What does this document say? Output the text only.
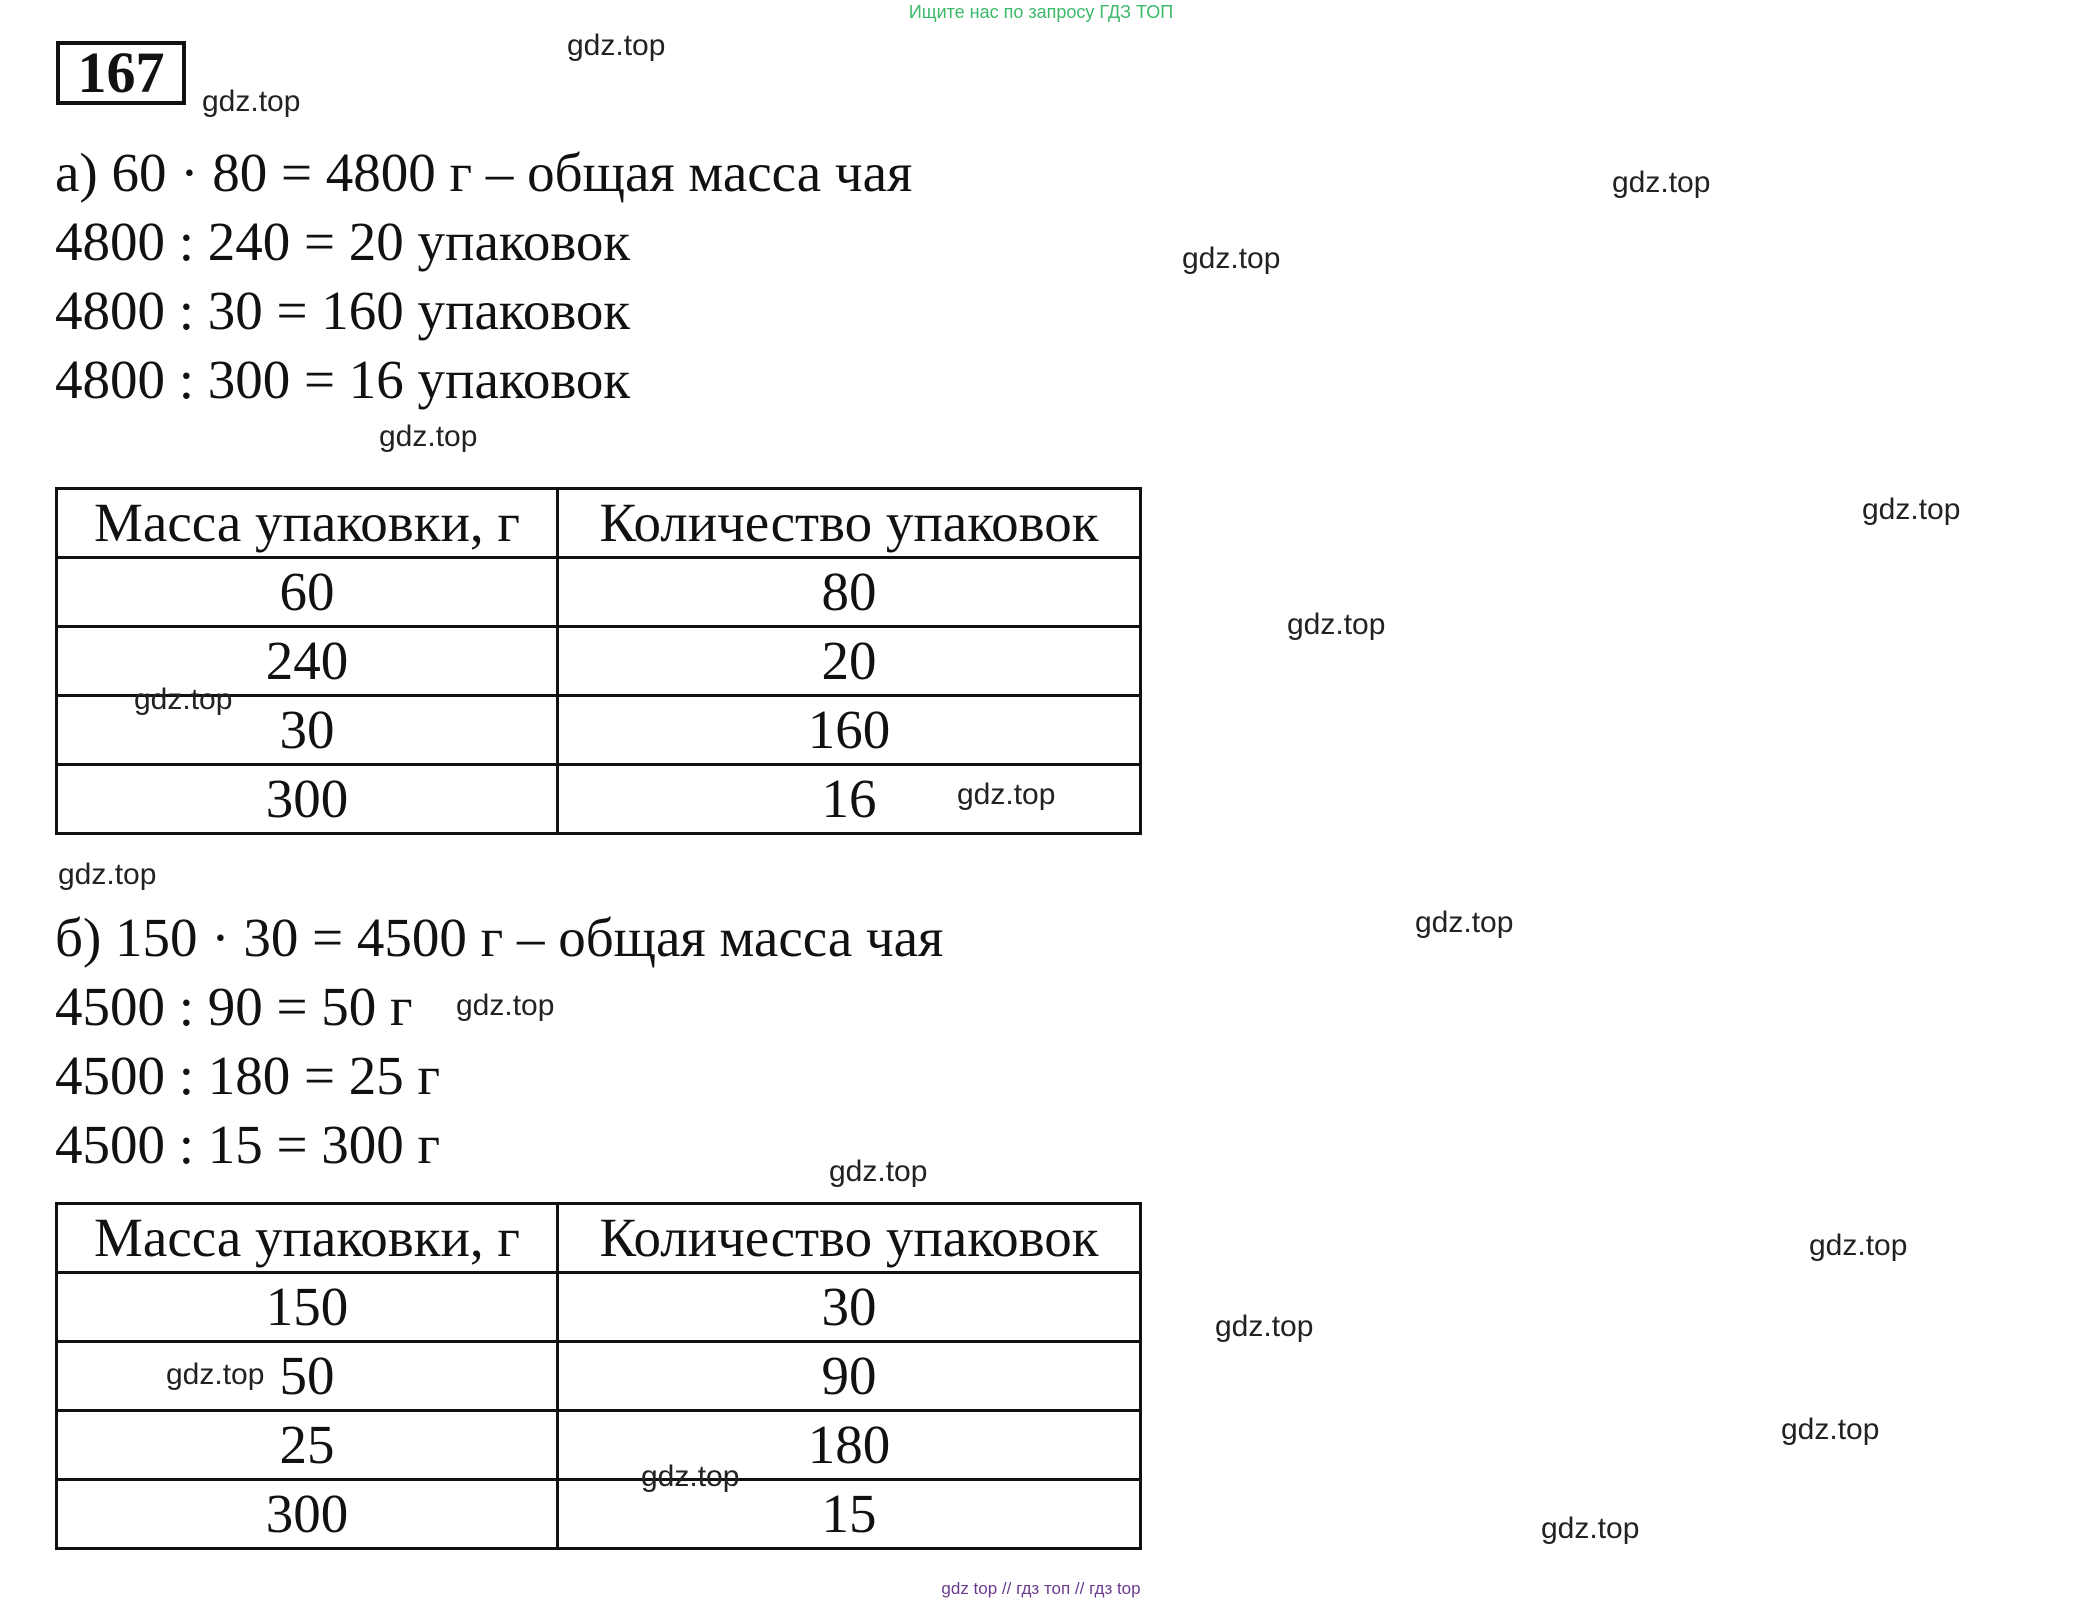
Ищите нас по запросу ГДЗ ТОП
167
а) 60 · 80 = 4800 г – общая масса чая
4800 : 240 = 20 упаковок
4800 : 30 = 160 упаковок
4800 : 300 = 16 упаковок
Масса упаковки, г	Количество упаковок
60	80
240	20
30	160
300	16
б) 150 · 30 = 4500 г – общая масса чая
4500 : 90 = 50 г
4500 : 180 = 25 г
4500 : 15 = 300 г
Масса упаковки, г	Количество упаковок
150	30
50	90
25	180
300	15
gdz.top
gdz.top
gdz.top
gdz.top
gdz.top
gdz.top
gdz.top
gdz.top
gdz.top
gdz.top
gdz.top
gdz.top
gdz.top
gdz.top
gdz.top
gdz.top
gdz.top
gdz.top
gdz.top
gdz top // гдз топ // гдз top
